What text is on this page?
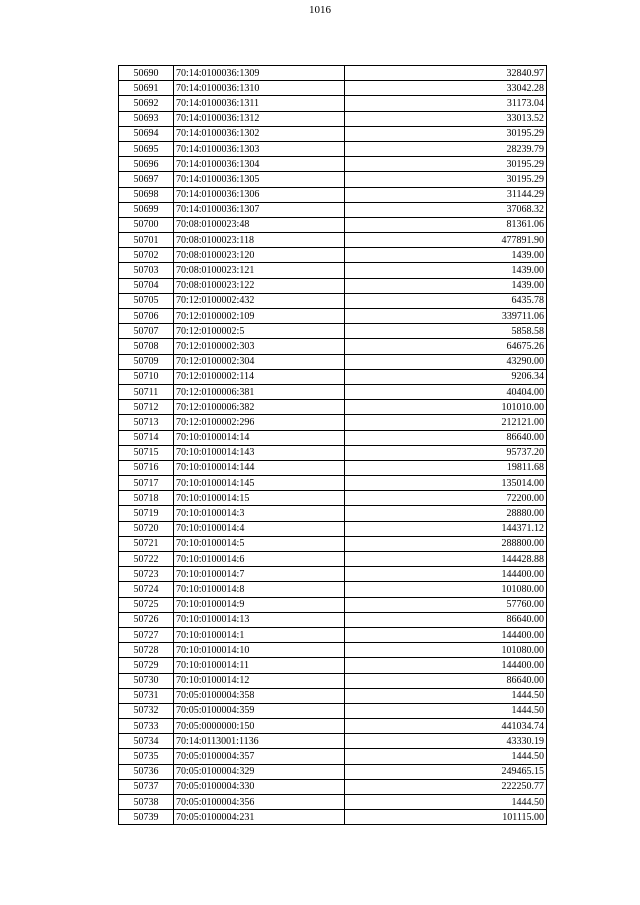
1016
50690	70:14:0100036:1309	32840.97
50691	70:14:0100036:1310	33042.28
50692	70:14:0100036:1311	31173.04
50693	70:14:0100036:1312	33013.52
50694	70:14:0100036:1302	30195.29
50695	70:14:0100036:1303	28239.79
50696	70:14:0100036:1304	30195.29
50697	70:14:0100036:1305	30195.29
50698	70:14:0100036:1306	31144.29
50699	70:14:0100036:1307	37068.32
50700	70:08:0100023:48	81361.06
50701	70:08:0100023:118	477891.90
50702	70:08:0100023:120	1439.00
50703	70:08:0100023:121	1439.00
50704	70:08:0100023:122	1439.00
50705	70:12:0100002:432	6435.78
50706	70:12:0100002:109	339711.06
50707	70:12:0100002:5	5858.58
50708	70:12:0100002:303	64675.26
50709	70:12:0100002:304	43290.00
50710	70:12:0100002:114	9206.34
50711	70:12:0100006:381	40404.00
50712	70:12:0100006:382	101010.00
50713	70:12:0100002:296	212121.00
50714	70:10:0100014:14	86640.00
50715	70:10:0100014:143	95737.20
50716	70:10:0100014:144	19811.68
50717	70:10:0100014:145	135014.00
50718	70:10:0100014:15	72200.00
50719	70:10:0100014:3	28880.00
50720	70:10:0100014:4	144371.12
50721	70:10:0100014:5	288800.00
50722	70:10:0100014:6	144428.88
50723	70:10:0100014:7	144400.00
50724	70:10:0100014:8	101080.00
50725	70:10:0100014:9	57760.00
50726	70:10:0100014:13	86640.00
50727	70:10:0100014:1	144400.00
50728	70:10:0100014:10	101080.00
50729	70:10:0100014:11	144400.00
50730	70:10:0100014:12	86640.00
50731	70:05:0100004:358	1444.50
50732	70:05:0100004:359	1444.50
50733	70:05:0000000:150	441034.74
50734	70:14:0113001:1136	43330.19
50735	70:05:0100004:357	1444.50
50736	70:05:0100004:329	249465.15
50737	70:05:0100004:330	222250.77
50738	70:05:0100004:356	1444.50
50739	70:05:0100004:231	101115.00
